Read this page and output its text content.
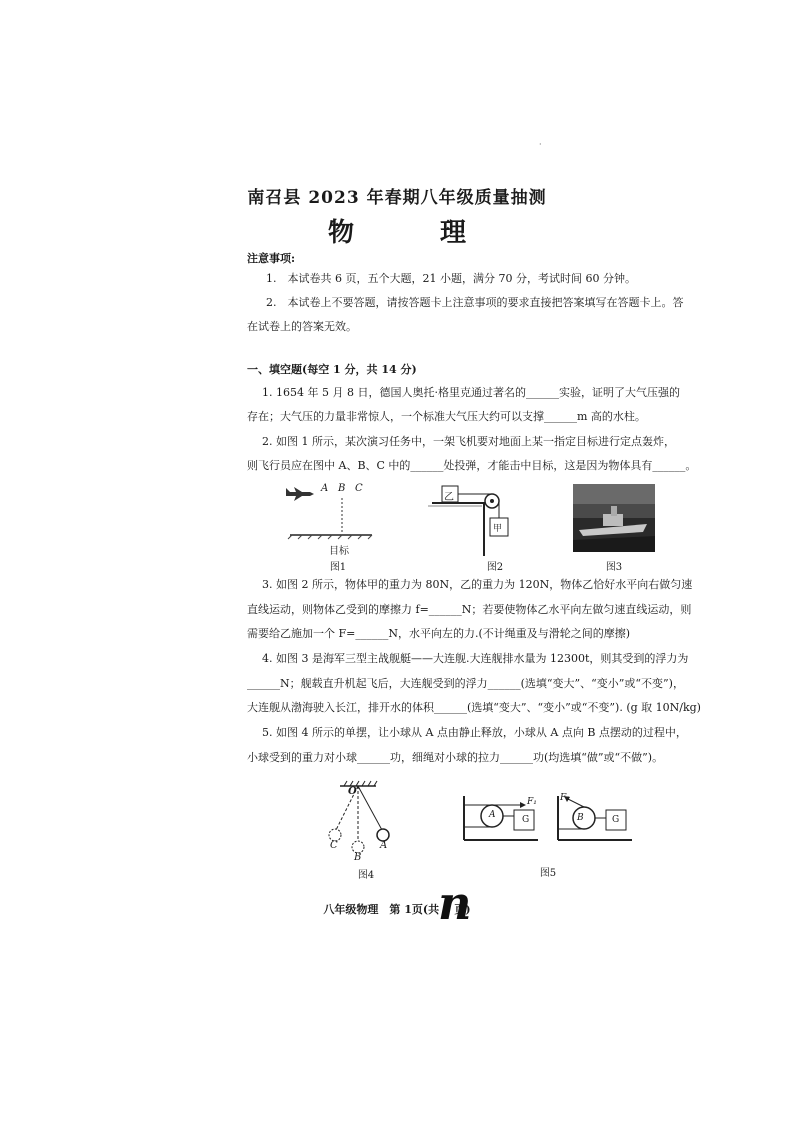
·
南召县 2023 年春期八年级质量抽测
物　理
注意事项:
1.　本试卷共 6 页，五个大题，21 小题，满分 70 分，考试时间 60 分钟。
2.　本试卷上不要答题，请按答题卡上注意事项的要求直接把答案填写在答题卡上。答
在试卷上的答案无效。
一、填空题(每空 1 分，共 14 分)
1. 1654 年 5 月 8 日，德国人奥托·格里克通过著名的______实验，证明了大气压强的
存在；大气压的力量非常惊人，一个标准大气压大约可以支撑______m 高的水柱。
2. 如图 1 所示，某次演习任务中，一架飞机要对地面上某一指定目标进行定点轰炸，
则飞行员应在图中 A、B、C 中的______处投弹，才能击中目标，这是因为物体具有______。
A B C
目标
图1
乙
甲
图2	图3
3. 如图 2 所示，物体甲的重力为 80N，乙的重力为 120N，物体乙恰好水平向右做匀速
直线运动，则物体乙受到的摩擦力 f=______N；若要使物体乙水平向左做匀速直线运动，则
需要给乙施加一个 F=______N，水平向左的力.(不计绳重及与滑轮之间的摩擦)
4. 如图 3 是海军三型主战舰艇——大连舰.大连舰排水量为 12300t，则其受到的浮力为
______N；舰载直升机起飞后，大连舰受到的浮力______(选填“变大”、“变小”或“不变”)，
大连舰从渤海驶入长江，排开水的体积______(选填“变大”、“变小”或“不变”). (g 取 10N/kg)
5. 如图 4 所示的单摆，让小球从 A 点由静止释放，小球从 A 点向 B 点摆动的过程中，
小球受到的重力对小球______功，细绳对小球的拉力______功(均选填“做”或“不做”)。
O
C
B
A
图4
A	G
F₁
B	G
F₂
图5
八年级物理　第 1页(共 6 页)
n
